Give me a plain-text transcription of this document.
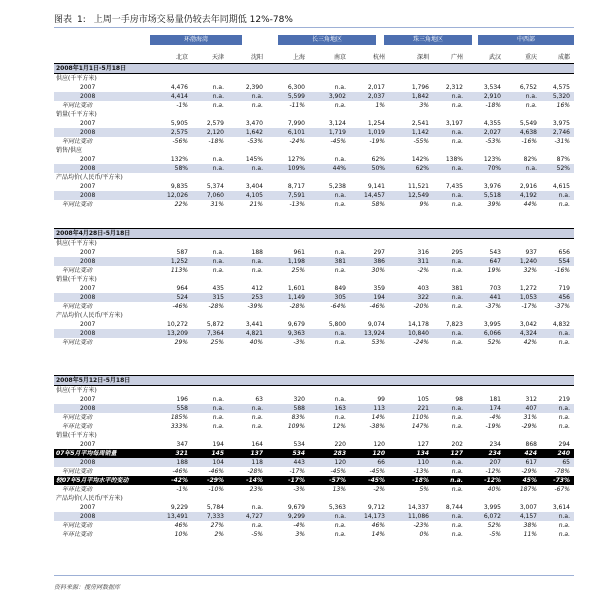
图表 1: 上周一手房市场交易量仍较去年同期低 12%-78%
环渤海湾	长三角地区	珠三角地区	中西部
北京	天津	沈阳	上海	南京	杭州	深圳	广州	武汉	重庆	成都
2008年1月1日-5月18日
供应(千平方米)
2007	4,476	n.a.	2,390	6,300	n.a.	2,017	1,796	2,312	3,534	6,752	4,575
2008	4,414	n.a.	n.a.	5,599	3,902	2,037	1,842	n.a.	2,910	n.a.	5,320
年同比变动	-1%	n.a.	n.a.	-11%	n.a.	1%	3%	n.a.	-18%	n.a.	16%
销量(千平方米)
2007	5,905	2,579	3,470	7,990	3,124	1,254	2,541	3,197	4,355	5,549	3,975
2008	2,575	2,120	1,642	6,101	1,719	1,019	1,142	n.a.	2,027	4,638	2,746
年同比变动	-56%	-18%	-53%	-24%	-45%	-19%	-55%	n.a.	-53%	-16%	-31%
销售/供应
2007	132%	n.a.	145%	127%	n.a.	62%	142%	138%	123%	82%	87%
2008	58%	n.a.	n.a.	109%	44%	50%	62%	n.a.	70%	n.a.	52%
产品均价(人民币/平方米)
2007	9,835	5,374	3,404	8,717	5,238	9,141	11,521	7,435	3,976	2,916	4,615
2008	12,026	7,060	4,105	7,591	n.a.	14,457	12,549	n.a.	5,518	4,192	n.a.
年同比变动	22%	31%	21%	-13%	n.a.	58%	9%	n.a.	39%	44%	n.a.
2008年4月28日-5月18日
供应(千平方米)
2007	587	n.a.	188	961	n.a.	297	316	295	543	937	656
2008	1,252	n.a.	n.a.	1,198	381	386	311	n.a.	647	1,240	554
年同比变动	113%	n.a.	n.a.	25%	n.a.	30%	-2%	n.a.	19%	32%	-16%
销量(千平方米)
2007	964	435	412	1,601	849	359	403	381	703	1,272	719
2008	524	315	253	1,149	305	194	322	n.a.	441	1,053	456
年同比变动	-46%	-28%	-39%	-28%	-64%	-46%	-20%	n.a.	-37%	-17%	-37%
产品均价(人民币/平方米)
2007	10,272	5,872	3,441	9,679	5,800	9,074	14,178	7,823	3,995	3,042	4,832
2008	13,209	7,364	4,821	9,363	n.a.	13,924	10,840	n.a.	6,066	4,324	n.a.
年同比变动	29%	25%	40%	-3%	n.a.	53%	-24%	n.a.	52%	42%	n.a.
2008年5月12日-5月18日
供应(千平方米)
2007	196	n.a.	63	320	n.a.	99	105	98	181	312	219
2008	558	n.a.	n.a.	588	163	113	221	n.a.	174	407	n.a.
年同比变动	185%	n.a.	n.a.	83%	n.a.	14%	110%	n.a.	-4%	31%	n.a.
年环比变动	333%	n.a.	n.a.	109%	12%	-38%	147%	n.a.	-19%	-29%	n.a.
销量(千平方米)
2007	347	194	164	534	220	120	127	202	234	868	294
07年5月平均每周销量	321	145	137	534	283	120	134	127	234	424	240
2008	188	104	118	443	120	66	110	n.a.	207	617	65
年同比变动	-46%	-46%	-28%	-17%	-45%	-45%	-13%	n.a.	-12%	-29%	-78%
较07年5月平均水平的变动	-42%	-29%	-14%	-17%	-57%	-45%	-18%	n.a.	-12%	45%	-73%
年环比变动	-1%	-10%	23%	-3%	13%	-2%	5%	n.a.	40%	187%	-67%
产品均价(人民币/平方米)
2007	9,229	5,784	n.a.	9,679	5,363	9,712	14,337	8,744	3,995	3,007	3,614
2008	13,491	7,333	4,727	9,299	n.a.	14,173	11,086	n.a.	6,072	4,157	n.a.
年同比变动	46%	27%	n.a.	-4%	n.a.	46%	-23%	n.a.	52%	38%	n.a.
年环比变动	10%	2%	-5%	3%	n.a.	14%	0%	n.a.	-5%	11%	n.a.
资料来源：搜房网数据库
